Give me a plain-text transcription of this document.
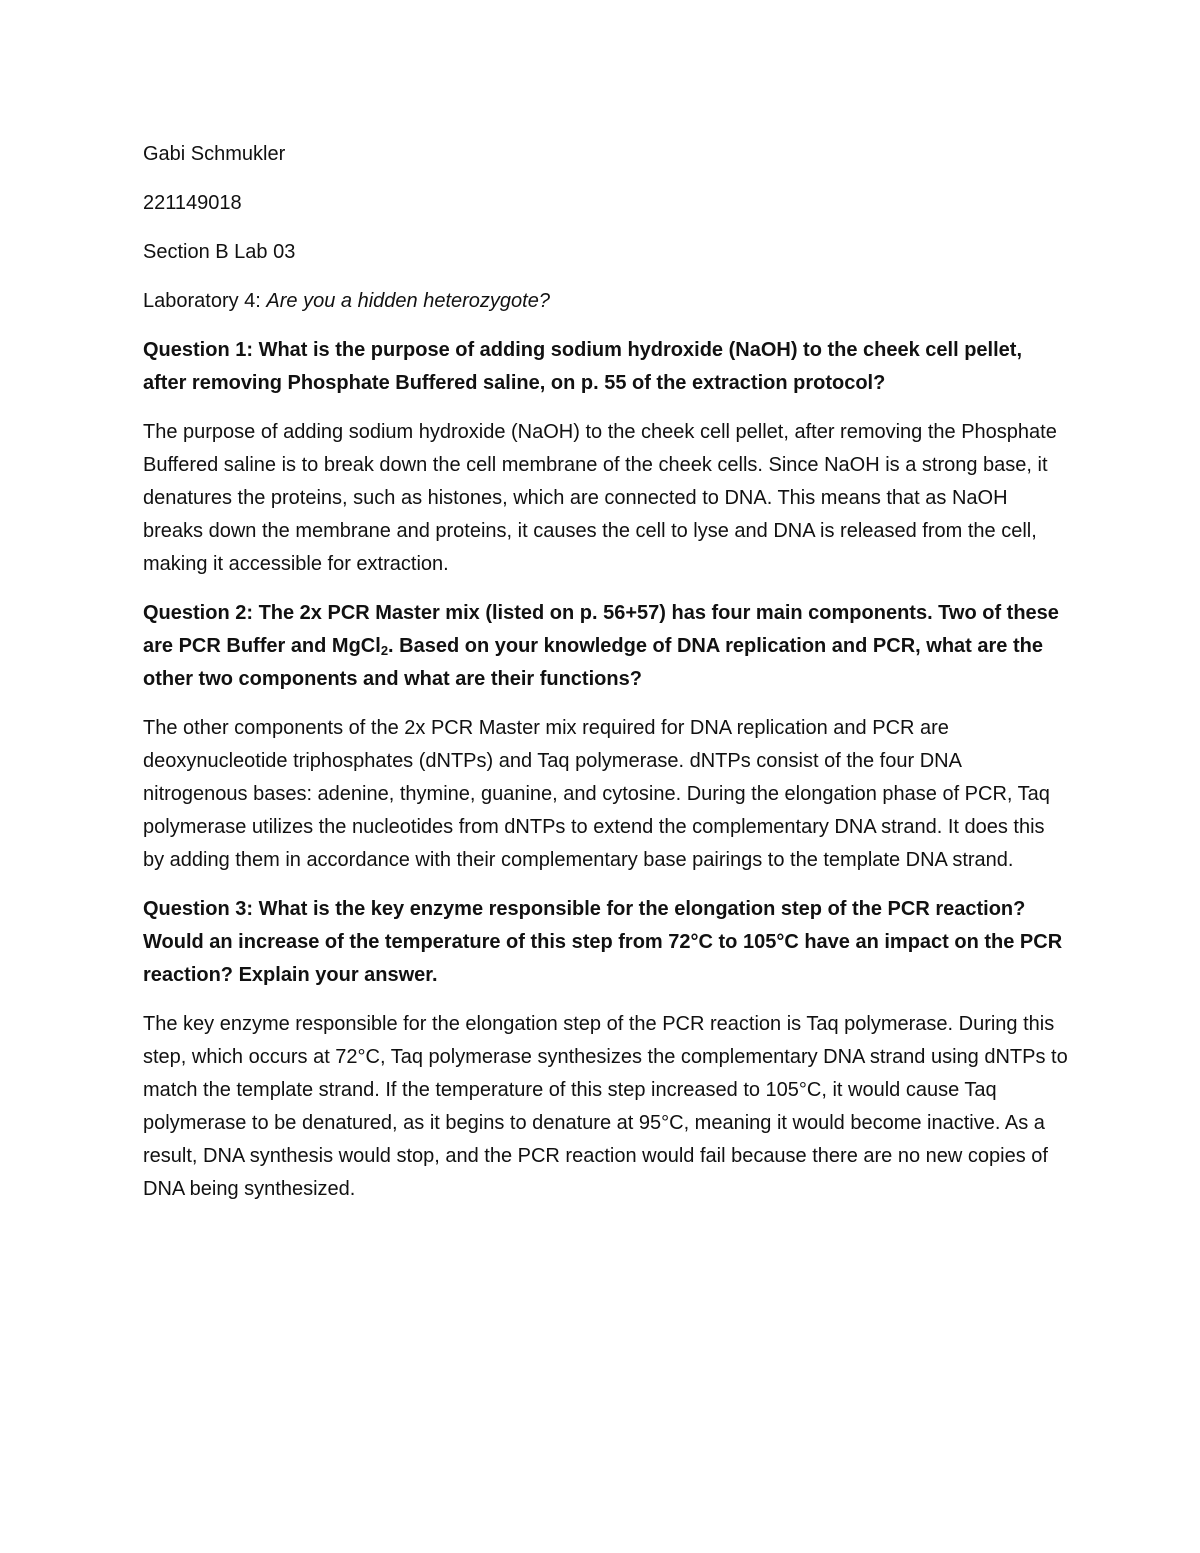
Gabi Schmukler

221149018

Section B Lab 03

Laboratory 4: Are you a hidden heterozygote?

Question 1: What is the purpose of adding sodium hydroxide (NaOH) to the cheek cell pellet, after removing Phosphate Buffered saline, on p. 55 of the extraction protocol?

The purpose of adding sodium hydroxide (NaOH) to the cheek cell pellet, after removing the Phosphate Buffered saline is to break down the cell membrane of the cheek cells. Since NaOH is a strong base, it denatures the proteins, such as histones, which are connected to DNA. This means that as NaOH breaks down the membrane and proteins, it causes the cell to lyse and DNA is released from the cell, making it accessible for extraction.

Question 2: The 2x PCR Master mix (listed on p. 56+57) has four main components. Two of these are PCR Buffer and MgCl$_2$. Based on your knowledge of DNA replication and PCR, what are the other two components and what are their functions?

The other components of the 2x PCR Master mix required for DNA replication and PCR are deoxynucleotide triphosphates (dNTPs) and Taq polymerase. dNTPs consist of the four DNA nitrogenous bases: adenine, thymine, guanine, and cytosine. During the elongation phase of PCR, Taq polymerase utilizes the nucleotides from dNTPs to extend the complementary DNA strand. It does this by adding them in accordance with their complementary base pairings to the template DNA strand.

Question 3: What is the key enzyme responsible for the elongation step of the PCR reaction? Would an increase of the temperature of this step from 72°C to 105°C have an impact on the PCR reaction? Explain your answer.

The key enzyme responsible for the elongation step of the PCR reaction is Taq polymerase. During this step, which occurs at 72°C, Taq polymerase synthesizes the complementary DNA strand using dNTPs to match the template strand. If the temperature of this step increased to 105°C, it would cause Taq polymerase to be denatured, as it begins to denature at 95°C, meaning it would become inactive. As a result, DNA synthesis would stop, and the PCR reaction would fail because there are no new copies of DNA being synthesized.
